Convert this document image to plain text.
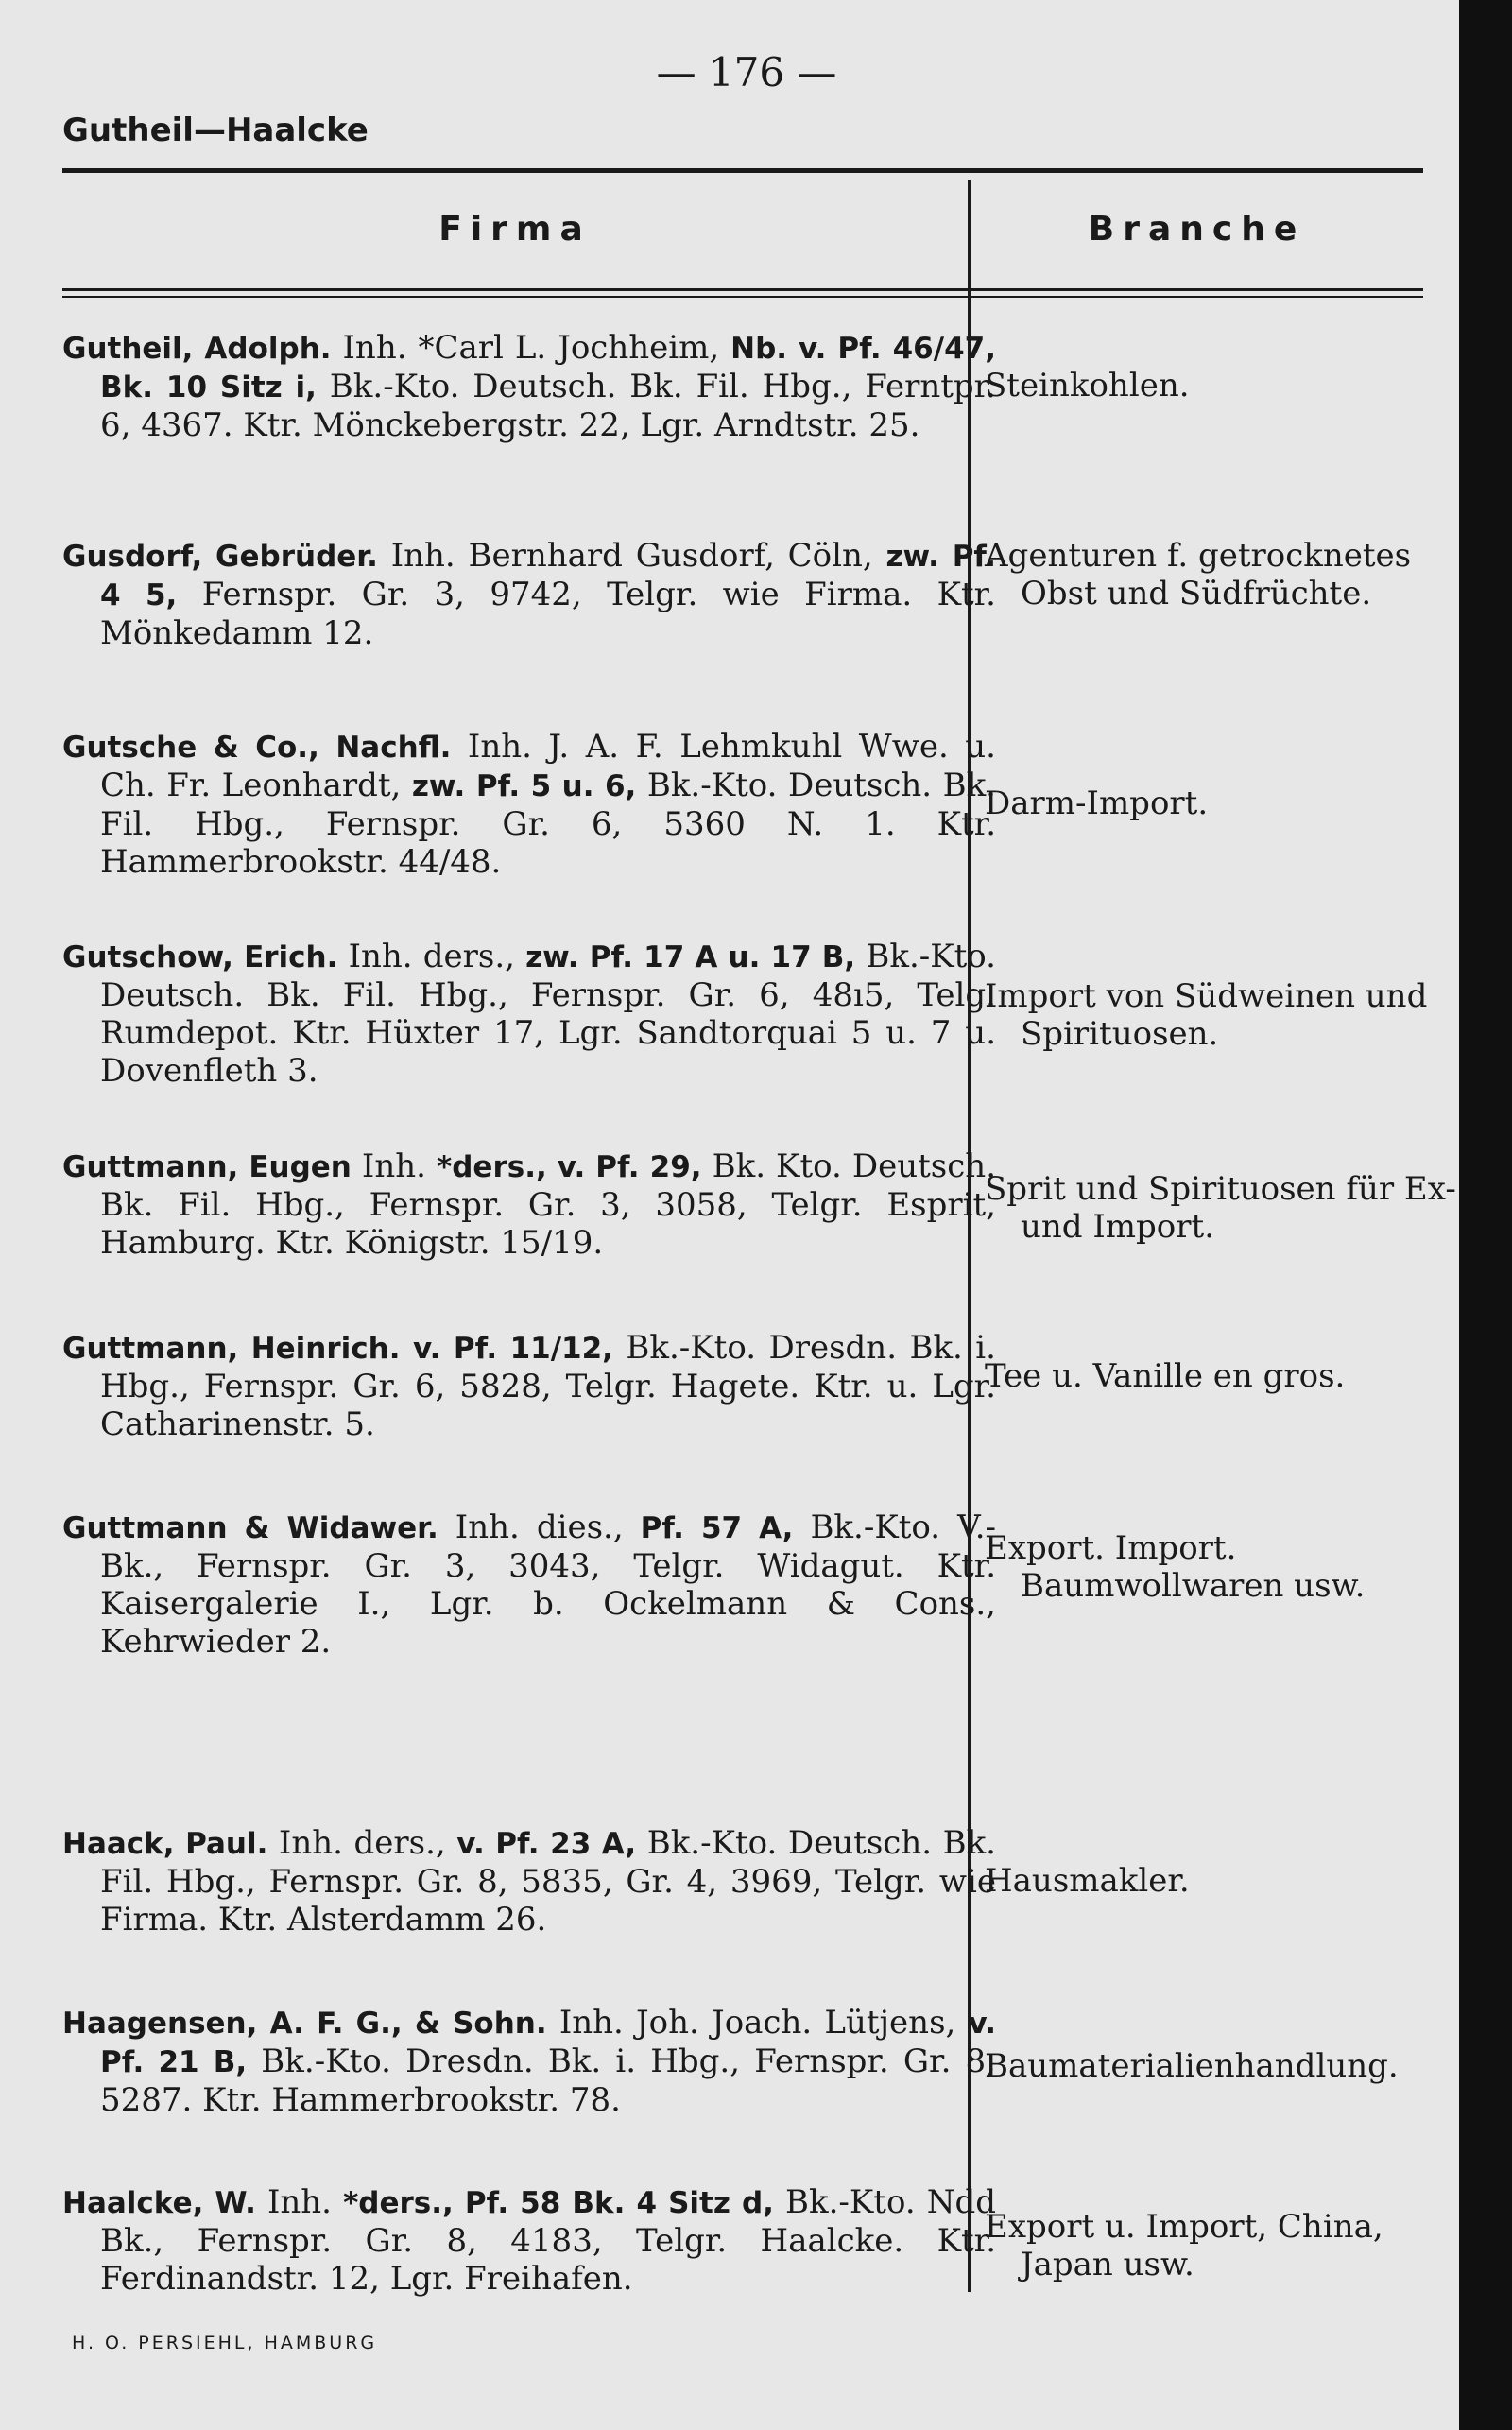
— 176 —
Gutheil—Haalcke
Firma	Branche
Gutheil, Adolph. Inh. *Carl L. Jochheim, Nb. v. Pf. 46/47, Bk. 10 Sitz i, Bk.-Kto. Deutsch. Bk. Fil. Hbg., Ferntpr. 6, 4367. Ktr. Mönckebergstr. 22, Lgr. Arndtstr. 25.
Steinkohlen.
Gusdorf, Gebrüder. Inh. Bernhard Gusdorf, Cöln, zw. Pf. 4 5, Fernspr. Gr. 3, 9742, Telgr. wie Firma. Ktr. Mönkedamm 12.
Agenturen f. getrocknetes Obst und Südfrüchte.
Gutsche & Co., Nachfl. Inh. J. A. F. Lehmkuhl Wwe. u. Ch. Fr. Leonhardt, zw. Pf. 5 u. 6, Bk.-Kto. Deutsch. Bk. Fil. Hbg., Fernspr. Gr. 6, 5360 N. 1. Ktr. Hammerbrookstr. 44/48.
Darm-Import.
Gutschow, Erich. Inh. ders., zw. Pf. 17 A u. 17 B, Bk.-Kto. Deutsch. Bk. Fil. Hbg., Fernspr. Gr. 6, 48ı5, Telg. Rumdepot. Ktr. Hüxter 17, Lgr. Sandtorquai 5 u. 7 u. Dovenfleth 3.
Import von Südweinen und Spirituosen.
Guttmann, Eugen Inh. *ders., v. Pf. 29, Bk. Kto. Deutsch. Bk. Fil. Hbg., Fernspr. Gr. 3, 3058, Telgr. Esprit, Hamburg. Ktr. Königstr. 15/19.
Sprit und Spirituosen für Ex- und Import.
Guttmann, Heinrich. v. Pf. 11/12, Bk.-Kto. Dresdn. Bk. i. Hbg., Fernspr. Gr. 6, 5828, Telgr. Hagete. Ktr. u. Lgr. Catharinenstr. 5.
Tee u. Vanille en gros.
Guttmann & Widawer. Inh. dies., Pf. 57 A, Bk.-Kto. V.-Bk., Fernspr. Gr. 3, 3043, Telgr. Widagut. Ktr. Kaisergalerie I., Lgr. b. Ockelmann & Cons., Kehrwieder 2.
Export. Import. Baumwollwaren usw.
Haack, Paul. Inh. ders., v. Pf. 23 A, Bk.-Kto. Deutsch. Bk. Fil. Hbg., Fernspr. Gr. 8, 5835, Gr. 4, 3969, Telgr. wie Firma. Ktr. Alsterdamm 26.
Hausmakler.
Haagensen, A. F. G., & Sohn. Inh. Joh. Joach. Lütjens, v. Pf. 21 B, Bk.-Kto. Dresdn. Bk. i. Hbg., Fernspr. Gr. 8, 5287. Ktr. Hammerbrookstr. 78.
Baumaterialienhandlung.
Haalcke, W. Inh. *ders., Pf. 58 Bk. 4 Sitz d, Bk.-Kto. Ndd Bk., Fernspr. Gr. 8, 4183, Telgr. Haalcke. Ktr. Ferdinandstr. 12, Lgr. Freihafen.
Export u. Import, China, Japan usw.
H. O. PERSIEHL, HAMBURG
